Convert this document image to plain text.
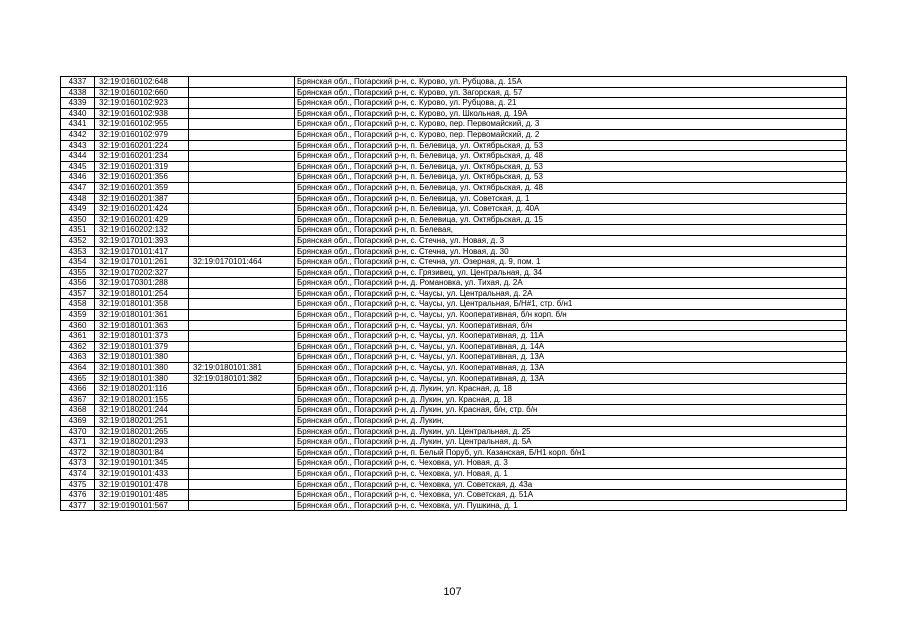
4337	32:19:0160102:648		Брянская обл., Погарский р-н, с. Курово, ул. Рубцова, д. 15А
4338	32:19:0160102:660		Брянская обл., Погарский р-н, с. Курово, ул. Загорская, д. 57
4339	32:19:0160102:923		Брянская обл., Погарский р-н, с. Курово, ул. Рубцова, д. 21
4340	32:19:0160102:938		Брянская обл., Погарский р-н, с. Курово, ул. Школьная, д. 19А
4341	32:19:0160102:955		Брянская обл., Погарский р-н, с. Курово, пер. Первомайский, д. 3
4342	32:19:0160102:979		Брянская обл., Погарский р-н, с. Курово, пер. Первомайский, д. 2
4343	32:19:0160201:224		Брянская обл., Погарский р-н, п. Белевица, ул. Октябрьская, д. 53
4344	32:19:0160201:234		Брянская обл., Погарский р-н, п. Белевица, ул. Октябрьская, д. 48
4345	32:19:0160201:319		Брянская обл., Погарский р-н, п. Белевица, ул. Октябрьская, д. 53
4346	32:19:0160201:356		Брянская обл., Погарский р-н, п. Белевица, ул. Октябрьская, д. 53
4347	32:19:0160201:359		Брянская обл., Погарский р-н, п. Белевица, ул. Октябрьская, д. 48
4348	32:19:0160201:387		Брянская обл., Погарский р-н, п. Белевица, ул. Советская, д. 1
4349	32:19:0160201:424		Брянская обл., Погарский р-н, п. Белевица, ул. Советская, д. 40А
4350	32:19:0160201:429		Брянская обл., Погарский р-н, п. Белевица, ул. Октябрьская, д. 15
4351	32:19:0160202:132		Брянская обл., Погарский р-н, п. Белевая,
4352	32:19:0170101:393		Брянская обл., Погарский р-н, с. Стечна, ул. Новая, д. 3
4353	32:19:0170101:417		Брянская обл., Погарский р-н, с. Стечна, ул. Новая, д. 30
4354	32:19:0170101:261	32:19:0170101:464	Брянская обл., Погарский р-н, с. Стечна, ул. Озерная, д. 9, пом. 1
4355	32:19:0170202:327		Брянская обл., Погарский р-н, с. Грязивец, ул. Центральная, д. 34
4356	32:19:0170301:288		Брянская обл., Погарский р-н, д. Романовка, ул. Тихая, д. 2А
4357	32:19:0180101:254		Брянская обл., Погарский р-н, с. Чаусы, ул. Центральная, д. 2А
4358	32:19:0180101:358		Брянская обл., Погарский р-н, с. Чаусы, ул. Центральная, Б/Н#1, стр. б/н1
4359	32:19:0180101:361		Брянская обл., Погарский р-н, с. Чаусы, ул. Кооперативная, б/н корп. б/н
4360	32:19:0180101:363		Брянская обл., Погарский р-н, с. Чаусы, ул. Кооперативная, б/н
4361	32:19:0180101:373		Брянская обл., Погарский р-н, с. Чаусы, ул. Кооперативная, д. 11А
4362	32:19:0180101:379		Брянская обл., Погарский р-н, с. Чаусы, ул. Кооперативная, д. 14А
4363	32:19:0180101:380		Брянская обл., Погарский р-н, с. Чаусы, ул. Кооперативная, д. 13А
4364	32:19:0180101:380	32:19:0180101:381	Брянская обл., Погарский р-н, с. Чаусы, ул. Кооперативная, д. 13А
4365	32:19:0180101:380	32:19:0180101:382	Брянская обл., Погарский р-н, с. Чаусы, ул. Кооперативная, д. 13А
4366	32:19:0180201:116		Брянская обл., Погарский р-н, д. Лукин, ул. Красная, д. 18
4367	32:19:0180201:155		Брянская обл., Погарский р-н, д. Лукин, ул. Красная, д. 18
4368	32:19:0180201:244		Брянская обл., Погарский р-н, д. Лукин, ул. Красная, б/н, стр. б/н
4369	32:19:0180201:251		Брянская обл., Погарский р-н, д. Лукин,
4370	32:19:0180201:265		Брянская обл., Погарский р-н, д. Лукин, ул. Центральная, д. 25
4371	32:19:0180201:293		Брянская обл., Погарский р-н, д. Лукин, ул. Центральная, д. 5А
4372	32:19:0180301:84		Брянская обл., Погарский р-н, п. Белый Поруб, ул. Казанская, Б/Н1 корп. б/н1
4373	32:19:0190101:345		Брянская обл., Погарский р-н, с. Чеховка, ул. Новая, д. 3
4374	32:19:0190101:433		Брянская обл., Погарский р-н, с. Чеховка, ул. Новая, д. 1
4375	32:19:0190101:478		Брянская обл., Погарский р-н, с. Чеховка, ул. Советская, д. 43а
4376	32:19:0190101:485		Брянская обл., Погарский р-н, с. Чеховка, ул. Советская, д. 51А
4377	32:19:0190101:567		Брянская обл., Погарский р-н, с. Чеховка, ул. Пушкина, д. 1
107
